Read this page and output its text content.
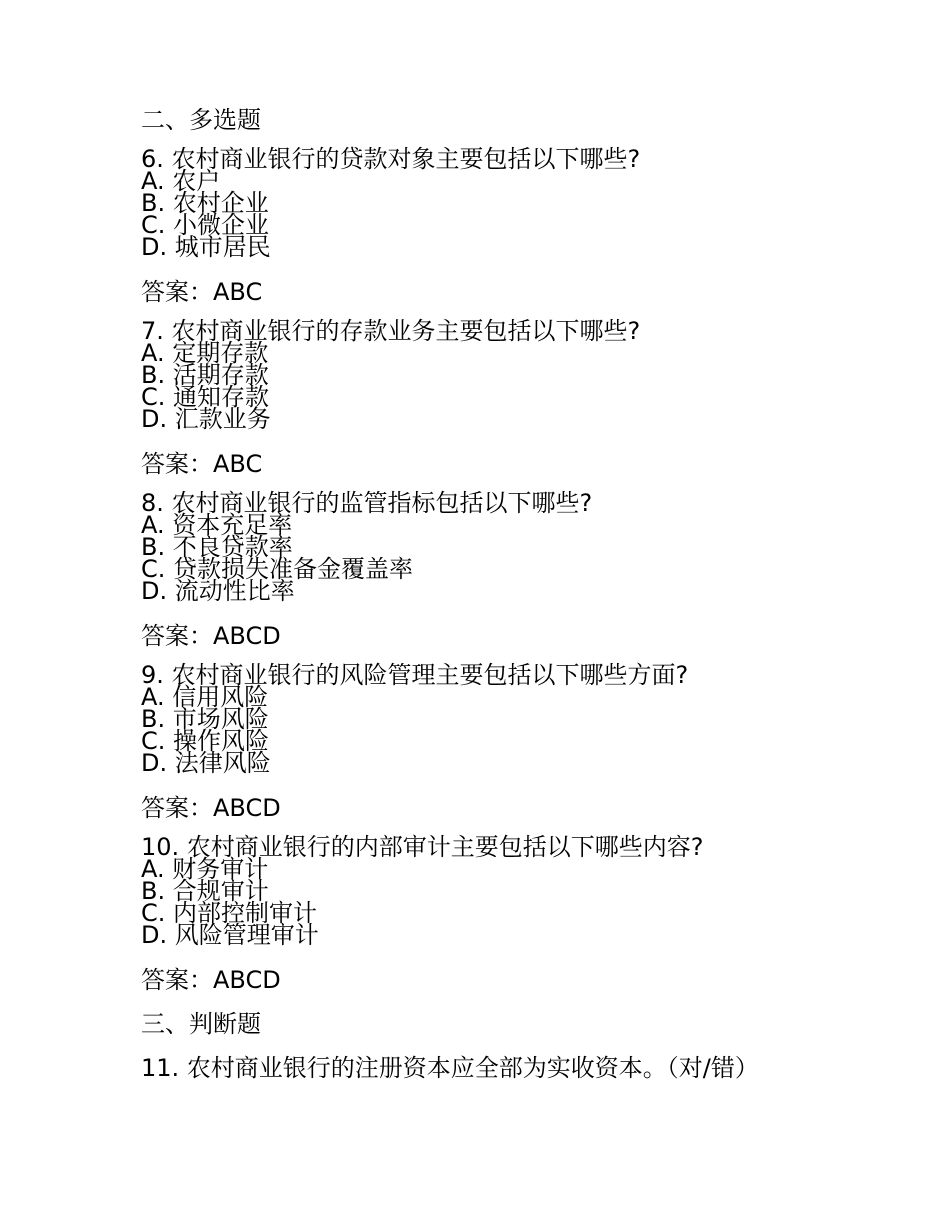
二、多选题
6. 农村商业银行的贷款对象主要包括以下哪些?
A. 农户
B. 农村企业
C. 小微企业
D. 城市居民
答案：ABC
7. 农村商业银行的存款业务主要包括以下哪些?
A. 定期存款
B. 活期存款
C. 通知存款
D. 汇款业务
答案：ABC
8. 农村商业银行的监管指标包括以下哪些?
A. 资本充足率
B. 不良贷款率
C. 贷款损失准备金覆盖率
D. 流动性比率
答案：ABCD
9. 农村商业银行的风险管理主要包括以下哪些方面?
A. 信用风险
B. 市场风险
C. 操作风险
D. 法律风险
答案：ABCD
10. 农村商业银行的内部审计主要包括以下哪些内容?
A. 财务审计
B. 合规审计
C. 内部控制审计
D. 风险管理审计
答案：ABCD
三、判断题
11. 农村商业银行的注册资本应全部为实收资本。（对/错）
